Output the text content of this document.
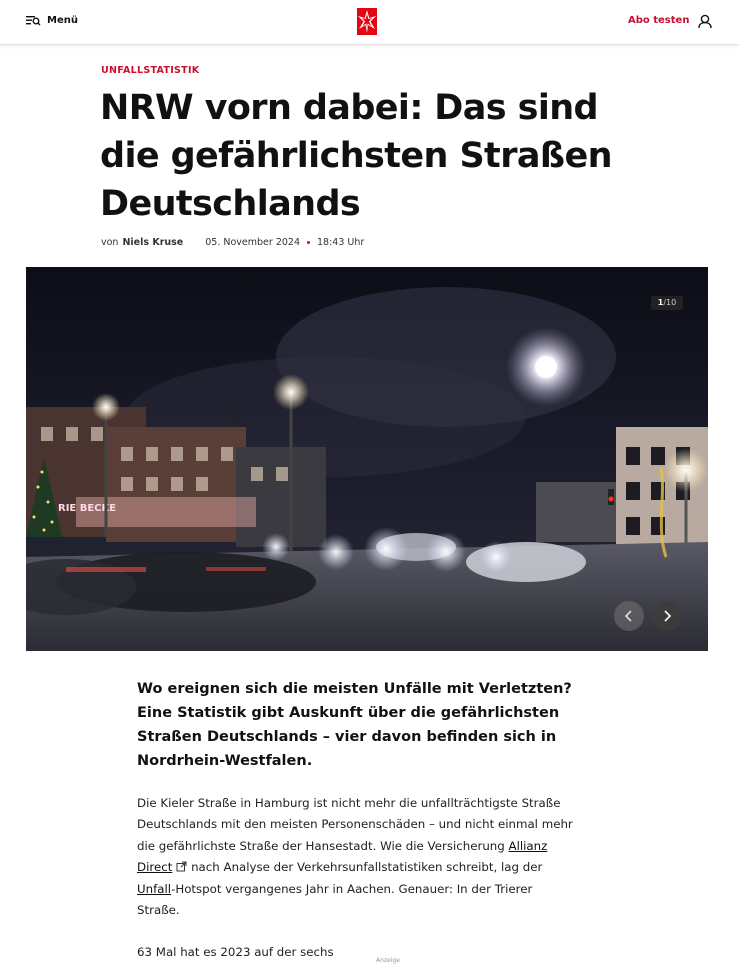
Menü	Abo testen
UNFALLSTATISTIK
NRW vorn dabei: Das sind die gefährlichsten Straßen Deutschlands
von Niels Kruse 05. November 2024 18:43 Uhr
RIE BECKE
1/10

Wo ereignen sich die meisten Unfälle mit Verletzten? Eine Statistik gibt Auskunft über die gefährlichsten Straßen Deutschlands – vier davon befinden sich in Nordrhein-Westfalen.

Die Kieler Straße in Hamburg ist nicht mehr die unfallträchtigste Straße Deutschlands mit den meisten Personenschäden – und nicht einmal mehr die gefährlichste Straße der Hansestadt. Wie die Versicherung Allianz Direct nach Analyse der Verkehrsunfallstatistiken schreibt, lag der Unfall-Hotspot vergangenes Jahr in Aachen. Genauer: In der Trierer Straße.

63 Mal hat es 2023 auf der sechs

Anzeige
